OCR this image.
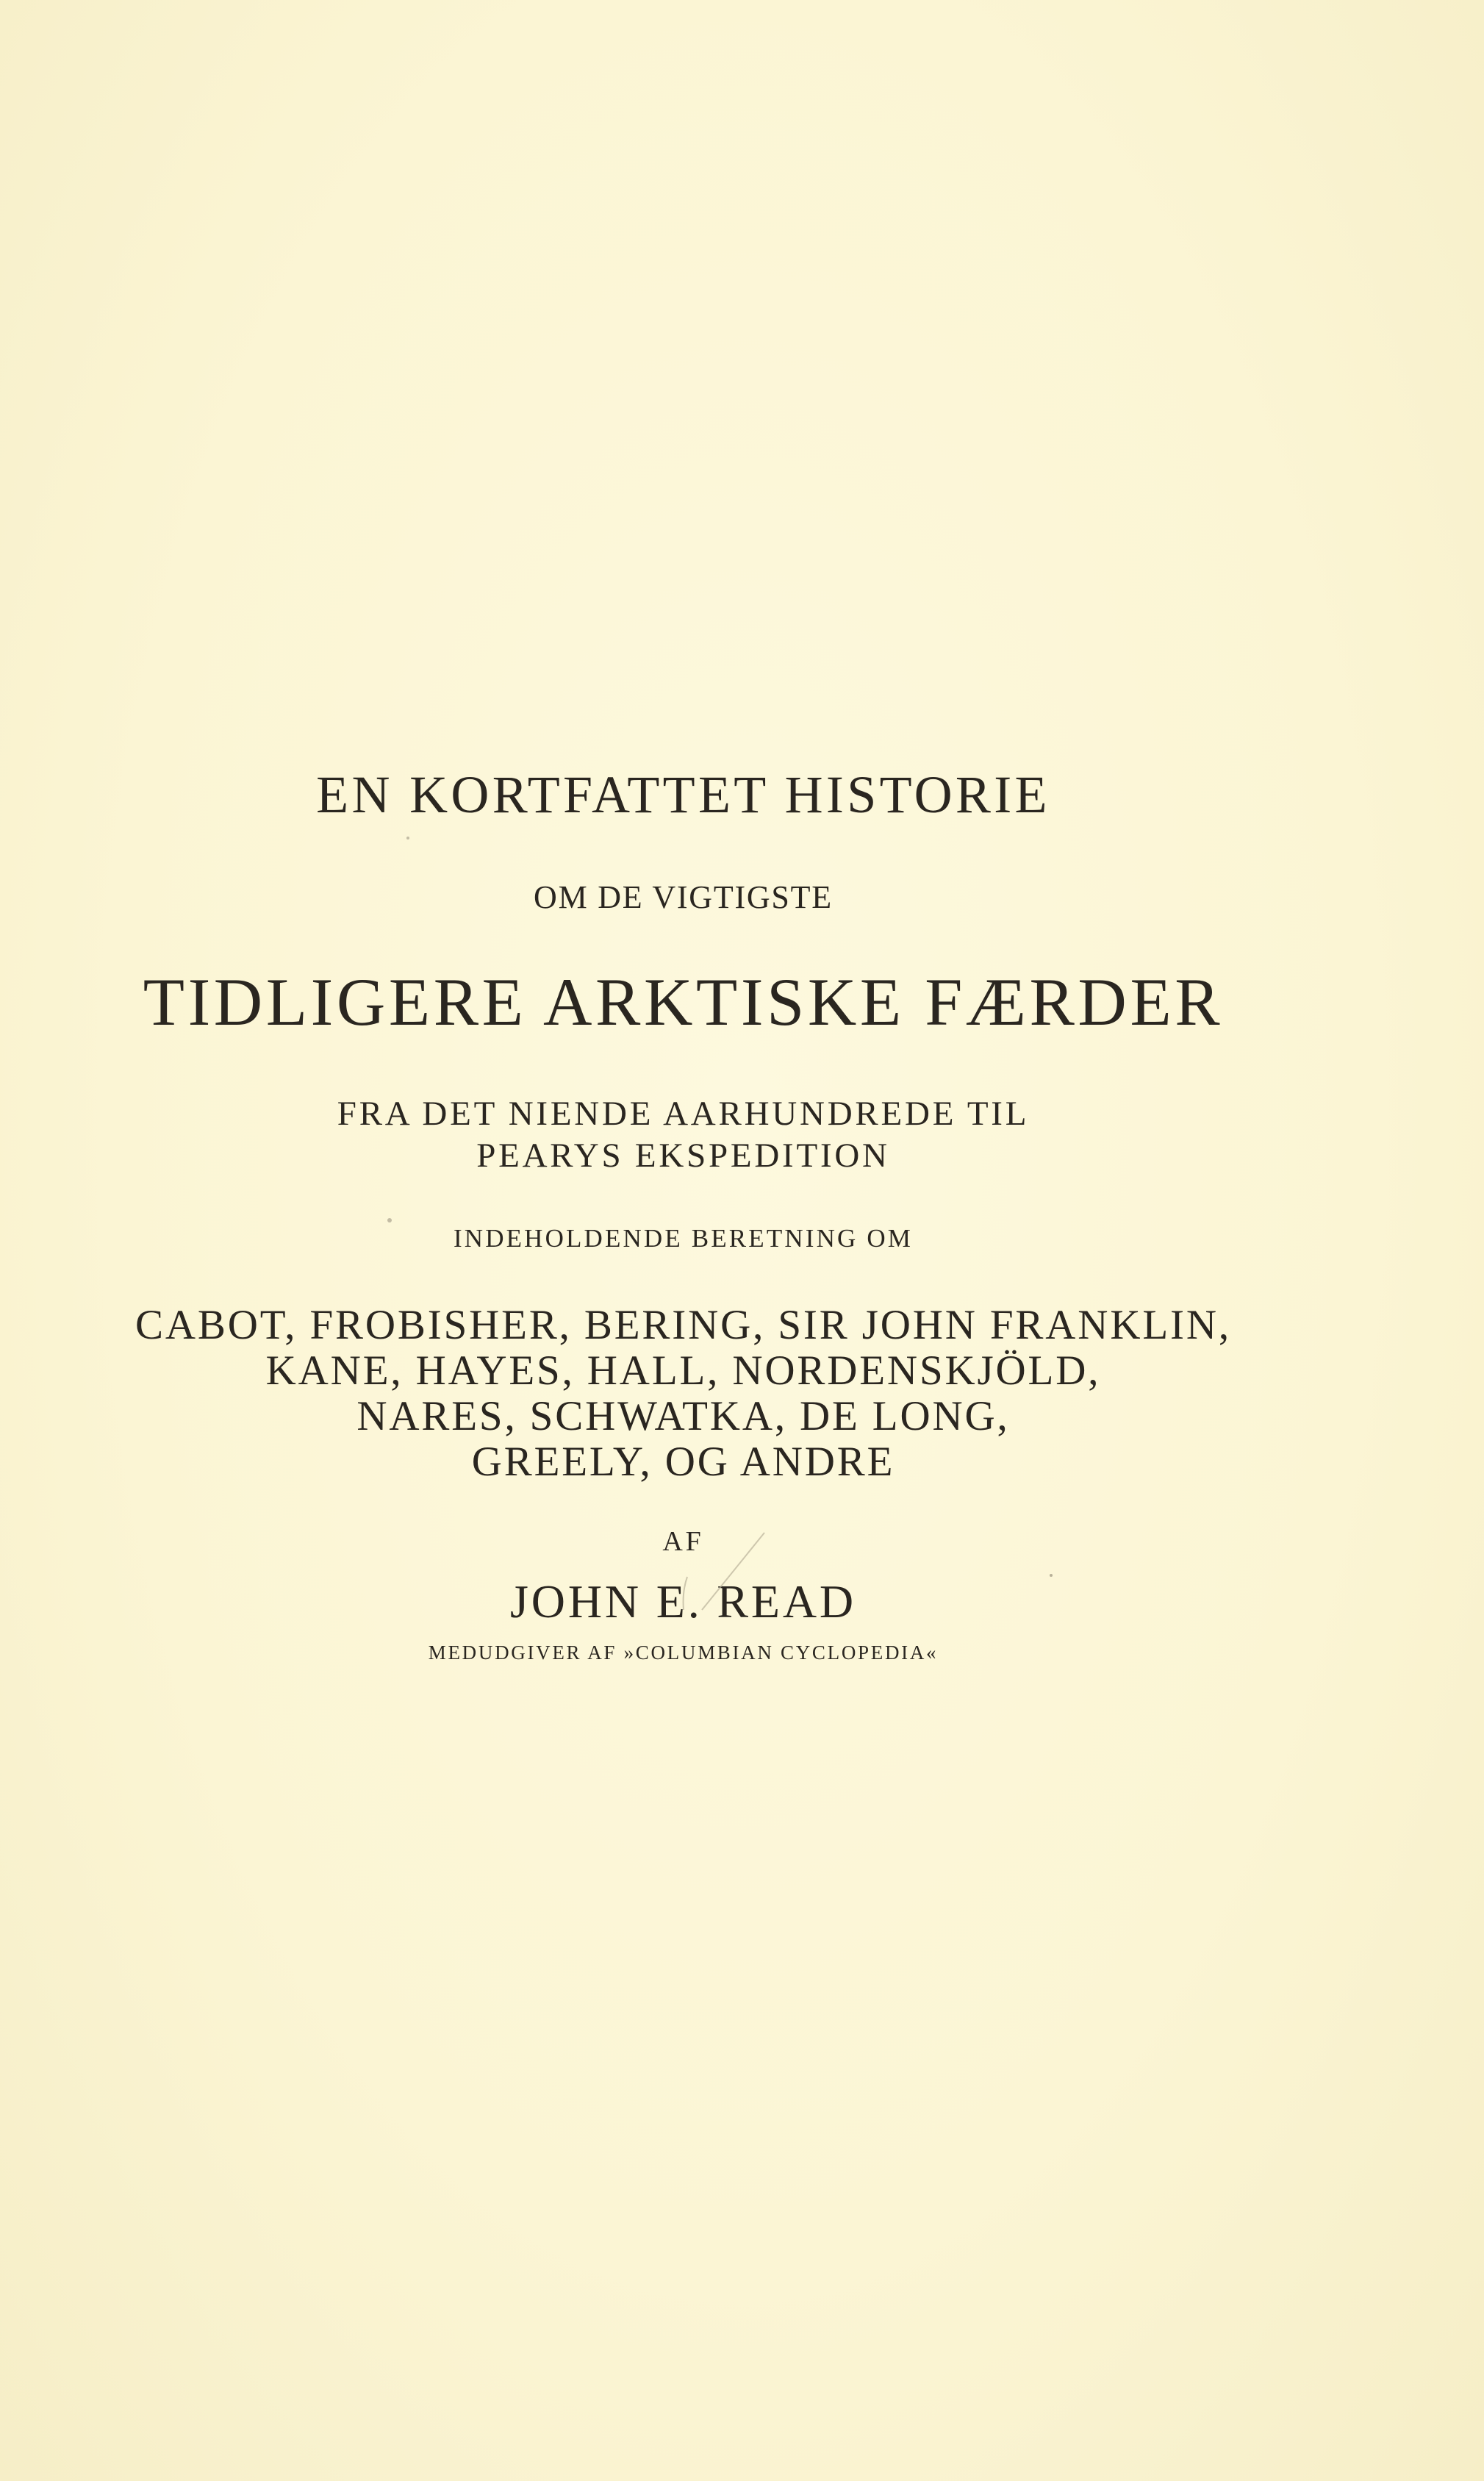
EN KORTFATTET HISTORIE
OM DE VIGTIGSTE
TIDLIGERE ARKTISKE FÆRDER
FRA DET NIENDE AARHUNDREDE TIL
PEARYS EKSPEDITION
INDEHOLDENDE BERETNING OM
CABOT, FROBISHER, BERING, SIR JOHN FRANKLIN,
KANE, HAYES, HALL, NORDENSKJÖLD,
NARES, SCHWATKA, DE LONG,
GREELY, OG ANDRE
AF
JOHN E. READ
MEDUDGIVER AF »COLUMBIAN CYCLOPEDIA«
